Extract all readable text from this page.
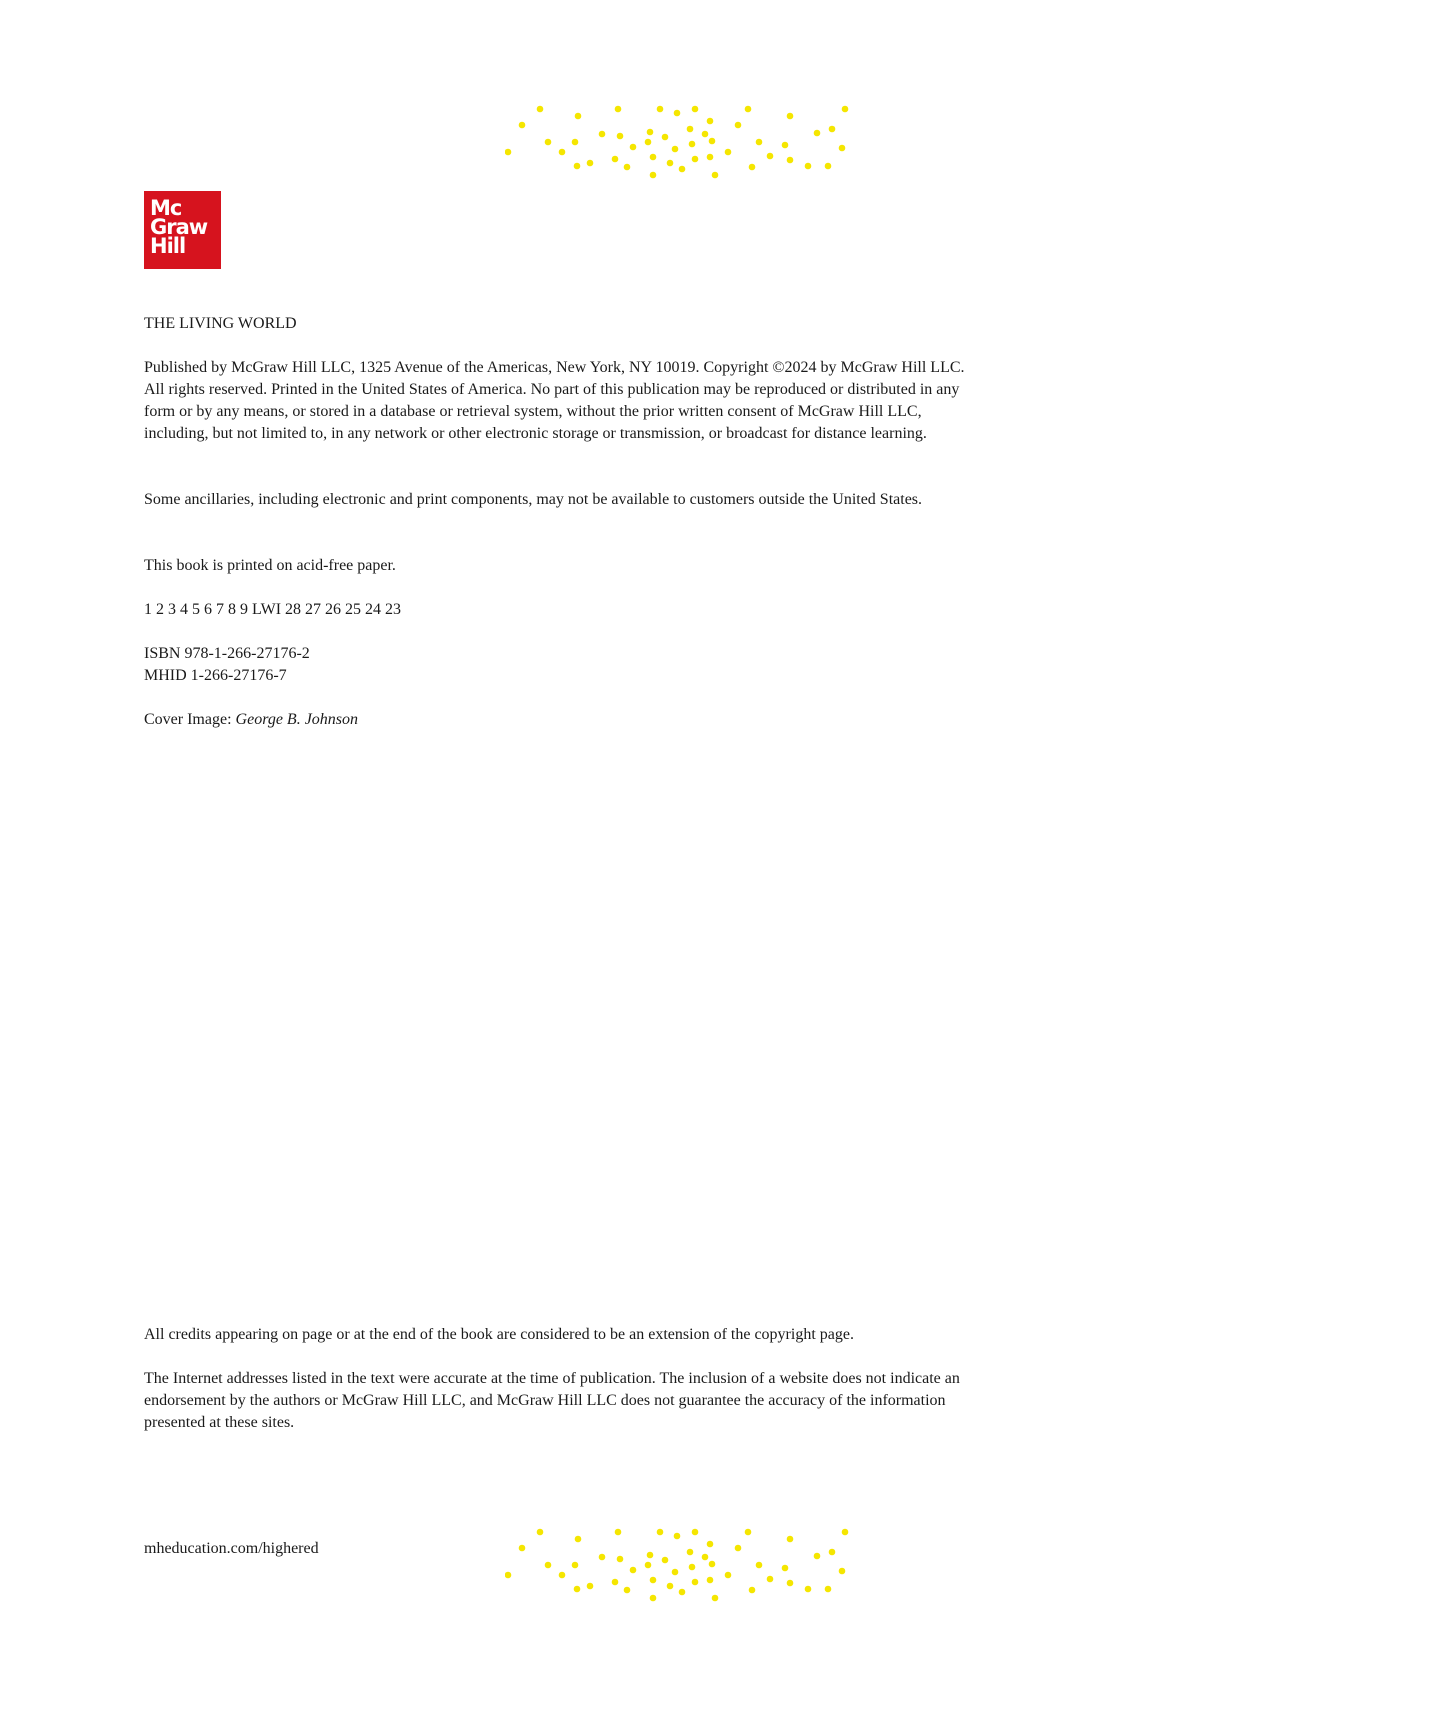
Mc
Graw
Hill
THE LIVING WORLD

Published by McGraw Hill LLC, 1325 Avenue of the Americas, New York, NY 10019. Copyright ©2024 by McGraw Hill LLC. All rights reserved. Printed in the United States of America. No part of this publication may be reproduced or distributed in any form or by any means, or stored in a database or retrieval system, without the prior written consent of McGraw Hill LLC, including, but not limited to, in any network or other electronic storage or transmission, or broadcast for distance learning.

Some ancillaries, including electronic and print components, may not be available to customers outside the United States.

This book is printed on acid-free paper.

1 2 3 4 5 6 7 8 9 LWI 28 27 26 25 24 23

ISBN 978-1-266-27176-2

MHID 1-266-27176-7

Cover Image: George B. Johnson

All credits appearing on page or at the end of the book are considered to be an extension of the copyright page.

The Internet addresses listed in the text were accurate at the time of publication. The inclusion of a website does not indicate an endorsement by the authors or McGraw Hill LLC, and McGraw Hill LLC does not guarantee the accuracy of the information presented at these sites.

mheducation.com/highered
